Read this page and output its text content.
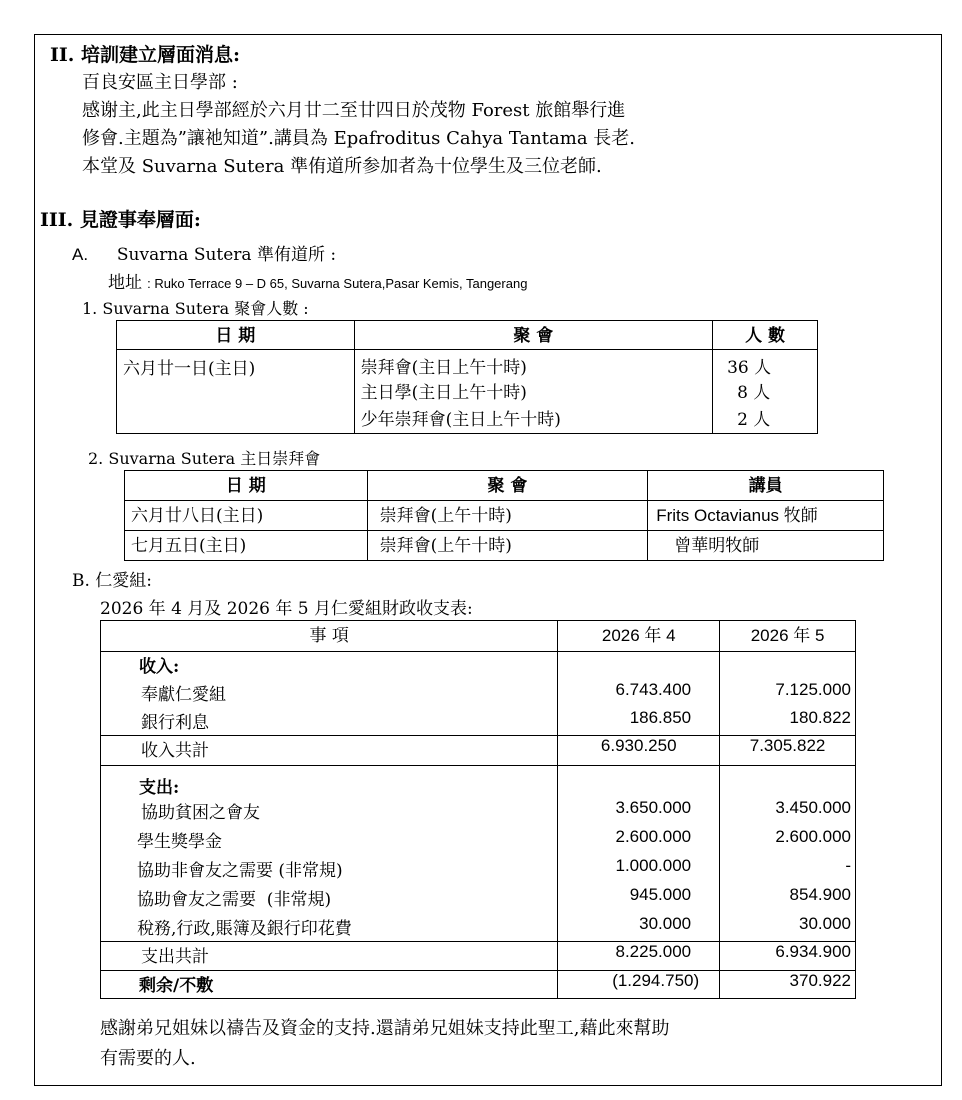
II. 培訓建立層面消息:
百良安區主日學部 :
感谢主,此主日學部經於六月廿二至廿四日於茂物 Forest 旅館舉行進
修會.主題為”讓祂知道”.講員為 Epafroditus Cahya Tantama 長老.
本堂及 Suvarna Sutera 準侑道所参加者為十位學生及三位老師.
III. 見證事奉層面:
A. Suvarna Sutera 準侑道所 :
地址 : Ruko Terrace 9 – D 65, Suvarna Sutera,Pasar Kemis, Tangerang
1. Suvarna Sutera 聚會人數 :
日 期	聚 會	人 數
六月廿一日(主日)	崇拜會(主日上午十時)	36 人
	主日學(主日上午十時)	8 人
	少年崇拜會(主日上午十時)	2 人
2. Suvarna Sutera 主日崇拜會
日 期	聚 會	講員
六月廿八日(主日)	崇拜會(上午十時)	Frits Octavianus 牧師
七月五日(主日)	崇拜會(上午十時)	曾華明牧師
B. 仁愛組:
2026 年 4 月及 2026 年 5 月仁愛組財政收支表:
事 項	2026 年 4	2026 年 5
收入:		
奉獻仁愛組	6.743.400	7.125.000
銀行利息	186.850	180.822
收入共計	6.930.250	7.305.822
支出:		
協助貧困之會友	3.650.000	3.450.000
學生獎學金	2.600.000	2.600.000
協助非會友之需要 (非常規)	1.000.000	-
協助會友之需要  (非常規)	945.000	854.900
稅務,行政,賬簿及銀行印花費	30.000	30.000
支出共計	8.225.000	6.934.900
剩余/不敷	(1.294.750)	370.922
感謝弟兄姐妹以禱告及資金的支持.還請弟兄姐妹支持此聖工,藉此來幫助
有需要的人.
